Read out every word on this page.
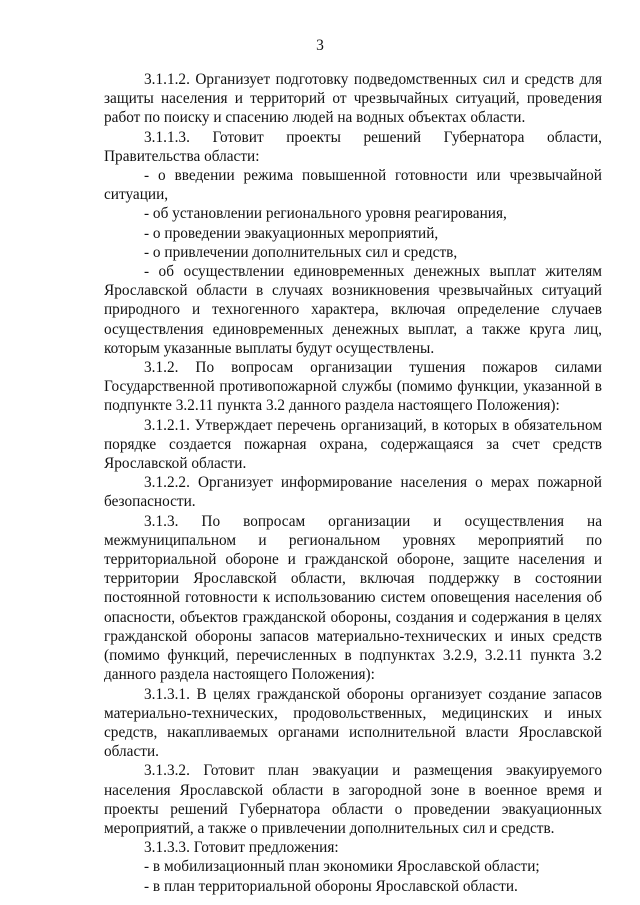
3

3.1.1.2. Организует подготовку подведомственных сил и средств для защиты населения и территорий от чрезвычайных ситуаций, проведения работ по поиску и спасению людей на водных объектах области.

3.1.1.3. Готовит проекты решений Губернатора области, Правительства области:

- о введении режима повышенной готовности или чрезвычайной ситуации,

- об установлении регионального уровня реагирования,

- о проведении эвакуационных мероприятий,

- о привлечении дополнительных сил и средств,

- об осуществлении единовременных денежных выплат жителям Ярославской области в случаях возникновения чрезвычайных ситуаций природного и техногенного характера, включая определение случаев осуществления единовременных денежных выплат, а также круга лиц, которым указанные выплаты будут осуществлены.

3.1.2. По вопросам организации тушения пожаров силами Государственной противопожарной службы (помимо функции, указанной в подпункте 3.2.11 пункта 3.2 данного раздела настоящего Положения):

3.1.2.1. Утверждает перечень организаций, в которых в обязательном порядке создается пожарная охрана, содержащаяся за счет средств Ярославской области.

3.1.2.2. Организует информирование населения о мерах пожарной безопасности.

3.1.3. По вопросам организации и осуществления на межмуниципальном и региональном уровнях мероприятий по территориальной обороне и гражданской обороне, защите населения и территории Ярославской области, включая поддержку в состоянии постоянной готовности к использованию систем оповещения населения об опасности, объектов гражданской обороны, создания и содержания в целях гражданской обороны запасов материально-технических и иных средств (помимо функций, перечисленных в подпунктах 3.2.9, 3.2.11 пункта 3.2 данного раздела настоящего Положения):

3.1.3.1. В целях гражданской обороны организует создание запасов материально-технических, продовольственных, медицинских и иных средств, накапливаемых органами исполнительной власти Ярославской области.

3.1.3.2. Готовит план эвакуации и размещения эвакуируемого населения Ярославской области в загородной зоне в военное время и проекты решений Губернатора области о проведении эвакуационных мероприятий, а также о привлечении дополнительных сил и средств.

3.1.3.3. Готовит предложения:

- в мобилизационный план экономики Ярославской области;

- в план территориальной обороны Ярославской области.
